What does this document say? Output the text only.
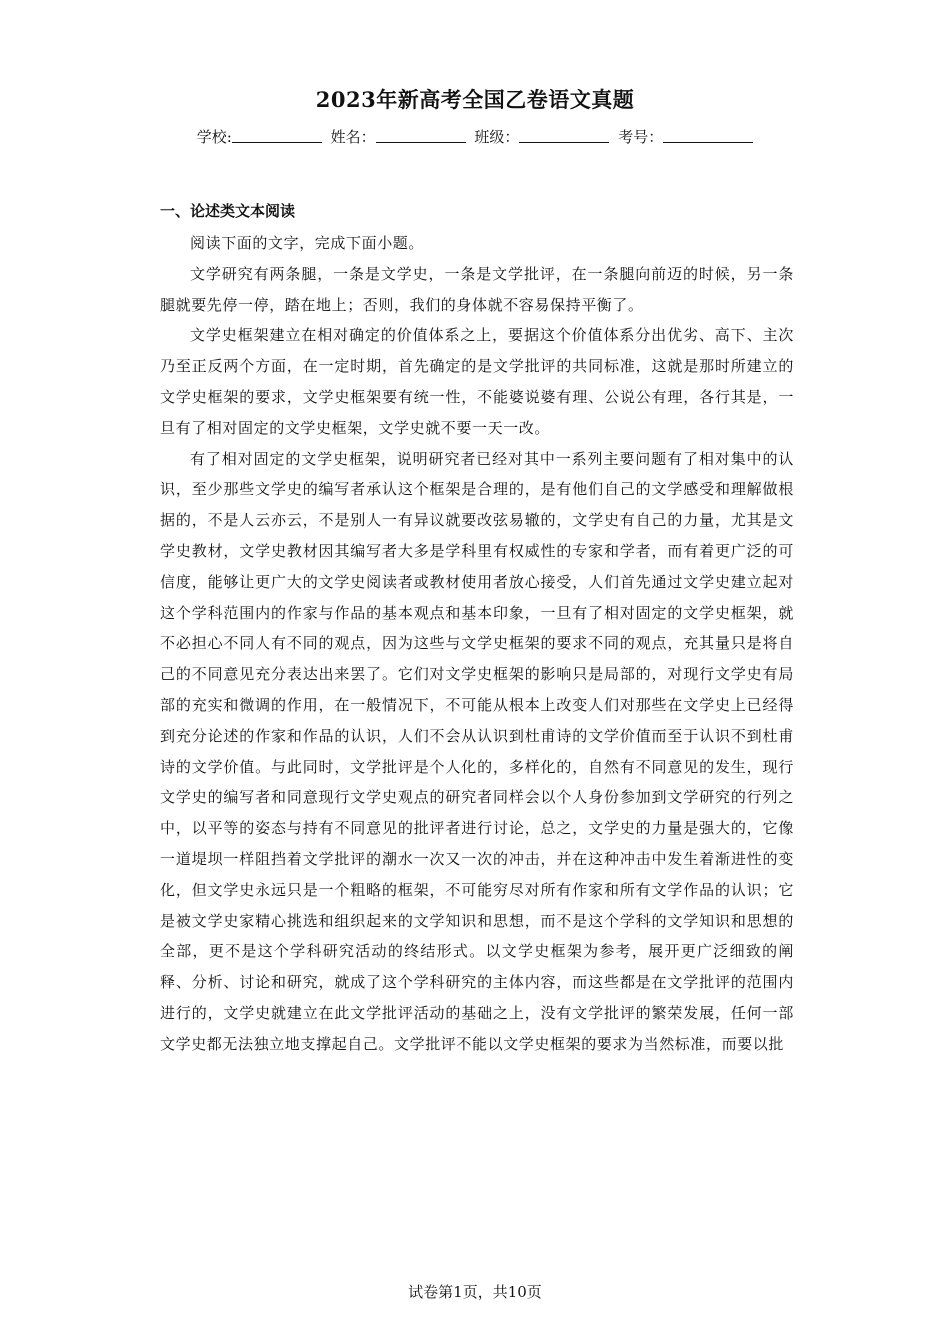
2023年新高考全国乙卷语文真题
学校:	姓名：	班级：	考号：
一、论述类文本阅读

阅读下面的文字，完成下面小题。

文学研究有两条腿，一条是文学史，一条是文学批评，在一条腿向前迈的时候，另一条腿就要先停一停，踏在地上；否则，我们的身体就不容易保持平衡了。

文学史框架建立在相对确定的价值体系之上，要据这个价值体系分出优劣、高下、主次乃至正反两个方面，在一定时期，首先确定的是文学批评的共同标准，这就是那时所建立的文学史框架的要求，文学史框架要有统一性，不能婆说婆有理、公说公有理，各行其是，一旦有了相对固定的文学史框架，文学史就不要一天一改。

有了相对固定的文学史框架，说明研究者已经对其中一系列主要问题有了相对集中的认识，至少那些文学史的编写者承认这个框架是合理的，是有他们自己的文学感受和理解做根据的，不是人云亦云，不是别人一有异议就要改弦易辙的，文学史有自己的力量，尤其是文学史教材，文学史教材因其编写者大多是学科里有权威性的专家和学者，而有着更广泛的可信度，能够让更广大的文学史阅读者或教材使用者放心接受，人们首先通过文学史建立起对这个学科范围内的作家与作品的基本观点和基本印象，一旦有了相对固定的文学史框架，就不必担心不同人有不同的观点，因为这些与文学史框架的要求不同的观点，充其量只是将自己的不同意见充分表达出来罢了。它们对文学史框架的影响只是局部的，对现行文学史有局部的充实和微调的作用，在一般情况下，不可能从根本上改变人们对那些在文学史上已经得到充分论述的作家和作品的认识，人们不会从认识到杜甫诗的文学价值而至于认识不到杜甫诗的文学价值。与此同时，文学批评是个人化的，多样化的，自然有不同意见的发生，现行文学史的编写者和同意现行文学史观点的研究者同样会以个人身份参加到文学研究的行列之中，以平等的姿态与持有不同意见的批评者进行讨论，总之，文学史的力量是强大的，它像一道堤坝一样阻挡着文学批评的潮水一次又一次的冲击，并在这种冲击中发生着渐进性的变化，但文学史永远只是一个粗略的框架，不可能穷尽对所有作家和所有文学作品的认识；它是被文学史家精心挑选和组织起来的文学知识和思想，而不是这个学科的文学知识和思想的全部，更不是这个学科研究活动的终结形式。以文学史框架为参考，展开更广泛细致的阐释、分析、讨论和研究，就成了这个学科研究的主体内容，而这些都是在文学批评的范围内进行的，文学史就建立在此文学批评活动的基础之上，没有文学批评的繁荣发展，任何一部文学史都无法独立地支撑起自己。文学批评不能以文学史框架的要求为当然标准，而要以批

试卷第1页，共10页
